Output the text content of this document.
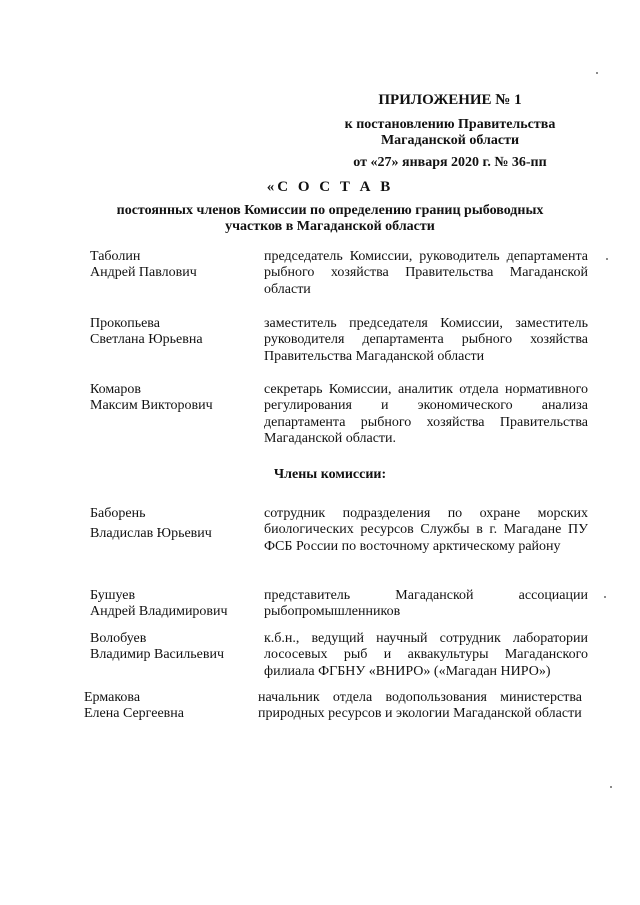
ПРИЛОЖЕНИЕ № 1
к постановлению Правительства
Магаданской области
от «27» января 2020 г. № 36-пп
«С О С Т А В
постоянных членов Комиссии по определению границ рыбоводных
участков в Магаданской области
Таболин
Андрей Павлович
председатель Комиссии, руководитель департамента рыбного хозяйства Правительства Магаданской области
Прокопьева
Светлана Юрьевна
заместитель председателя Комиссии, заместитель руководителя департамента рыбного хозяйства Правительства Магаданской области
Комаров
Максим Викторович
секретарь Комиссии, аналитик отдела нормативного регулирования и экономического анализа департамента рыбного хозяйства Правительства Магаданской области.
Члены комиссии:
Баборень
Владислав Юрьевич
сотрудник подразделения по охране морских биологических ресурсов Службы в г. Магадане ПУ ФСБ России по восточному арктическому району
Бушуев
Андрей Владимирович
представитель Магаданской ассоциации рыбопромышленников
Волобуев
Владимир Васильевич
к.б.н., ведущий научный сотрудник лаборатории лососевых рыб и аквакультуры Магаданского филиала ФГБНУ «ВНИРО» («Магадан НИРО»)
Ермакова
Елена Сергеевна
начальник отдела водопользования министерства природных ресурсов и экологии Магаданской области
